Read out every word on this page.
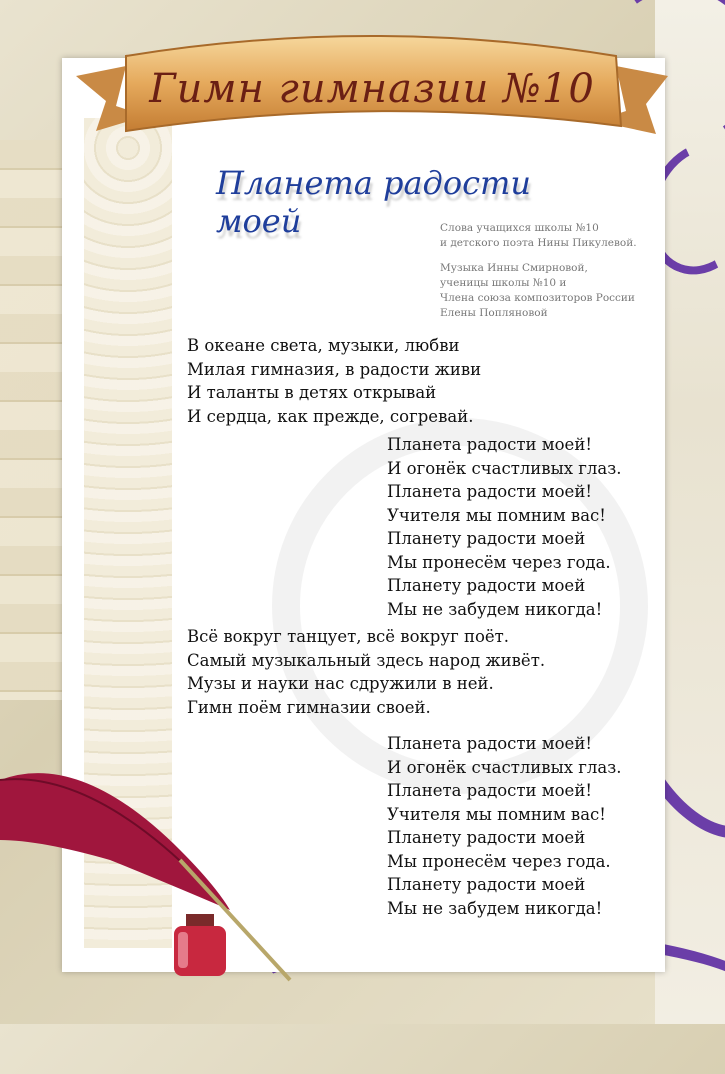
Гимн гимназии №10
Планета радости моей	Слова учащихся школы №10
и детского поэта Нины Пикулевой.

Музыка Инны Смирновой,
ученицы школы №10 и
Члена союза композиторов России
Елены Попляновой

В океане света, музыки, любви
Милая гимназия, в радости живи
И таланты в детях открывай
И сердца, как прежде, согревай.
Планета радости моей!
И огонёк счастливых глаз.
Планета радости моей!
Учителя мы помним вас!
Планету радости моей
Мы пронесём через года.
Планету радости моей
Мы не забудем никогда!
Всё вокруг танцует, всё вокруг поёт.
Самый музыкальный здесь народ живёт.
Музы и науки нас сдружили в ней.
Гимн поём гимназии своей.
Планета радости моей!
И огонёк счастливых глаз.
Планета радости моей!
Учителя мы помним вас!
Планету радости моей
Мы пронесём через года.
Планету радости моей
Мы не забудем никогда!
